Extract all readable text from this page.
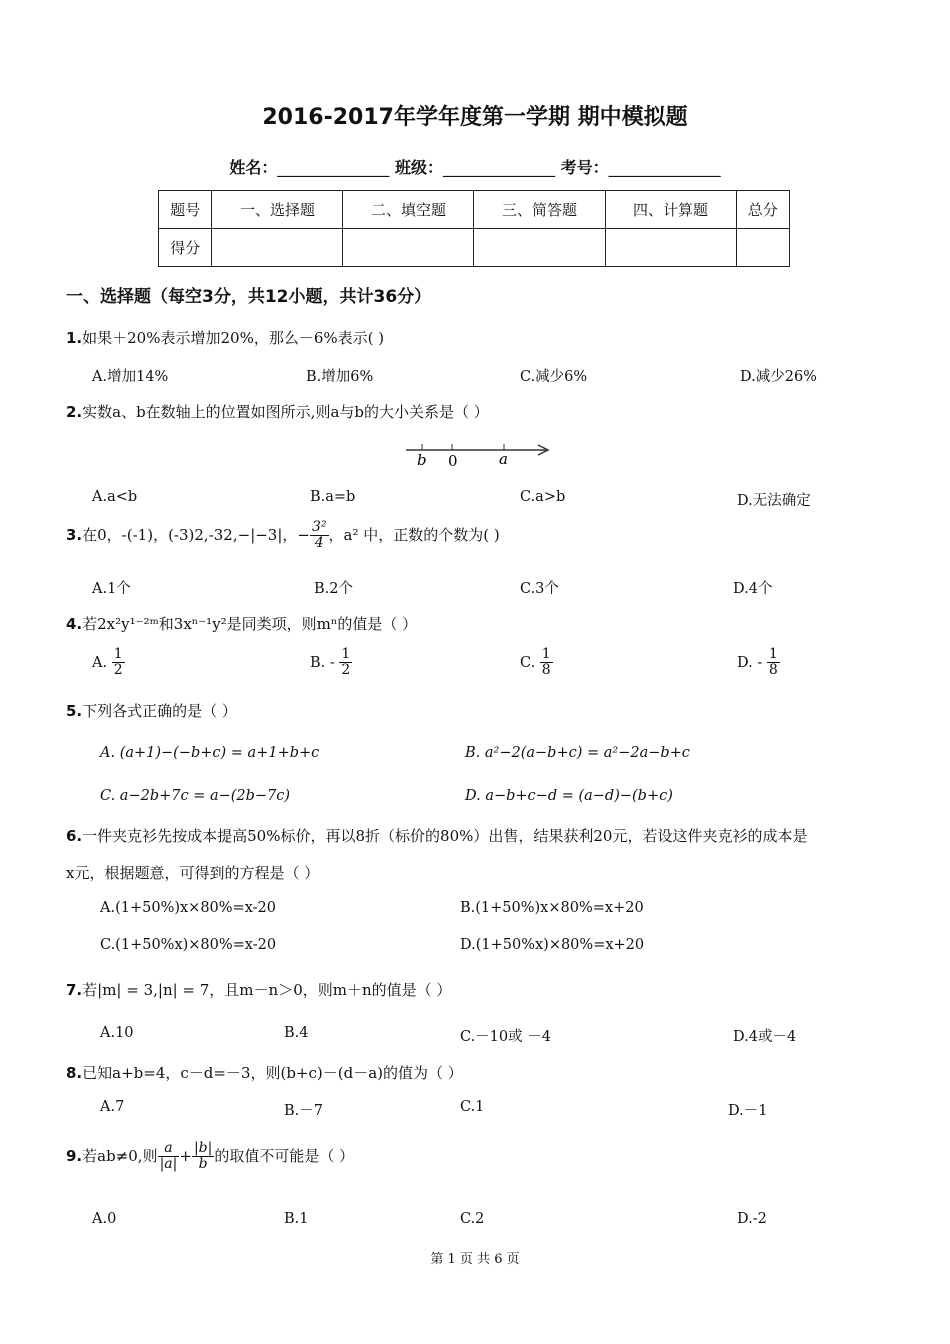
2016-2017年学年度第一学期 期中模拟题
姓名：______________ 班级：______________ 考号：______________
题号	一、选择题	二、填空题	三、简答题	四、计算题	总分
得分					
一、选择题（每空3分，共12小题，共计36分）
1.如果＋20%表示增加20%，那么－6%表示( )
A.增加14%	B.增加6%	C.减少6%	D.减少26%
2.实数a、b在数轴上的位置如图所示,则a与b的大小关系是（ ）
b 0	a
A.a<b	B.a=b	C.a>b	D.无法确定
3.在0，-(-1)，(-3)2,-32,−|−3|，− $\frac{\text{3²}}{4}$ ，a² 中，正数的个数为( )
A.1个	B.2个	C.3个	D.4个
4.若2x²y¹⁻²ᵐ和3xⁿ⁻¹y²是同类项，则mⁿ的值是（ ）
A. $\frac{1}{2}$	B. - $\frac{1}{2}$	C. $\frac{1}{8}$	D. - $\frac{1}{8}$
5.下列各式正确的是（ ）
A. (a+1)−(−b+c) = a+1+b+c	B. a²−2(a−b+c) = a²−2a−b+c
C. a−2b+7c = a−(2b−7c)	D. a−b+c−d = (a−d)−(b+c)
6.一件夹克衫先按成本提高50%标价，再以8折（标价的80%）出售，结果获利20元，若设这件夹克衫的成本是
x元，根据题意，可得到的方程是（ ）
A.(1+50%)x×80%=x-20	B.(1+50%)x×80%=x+20
C.(1+50%x)×80%=x-20	D.(1+50%x)×80%=x+20
7.若|m| = 3,|n| = 7，且m－n＞0，则m＋n的值是（ ）
A.10	B.4	C.－10或 －4	D.4或－4
8.已知a+b=4，c－d=－3，则(b+c)－(d－a)的值为（ ）
A.7	B.－7	C.1	D.－1
9.若ab≠0,则 $\frac{a}{|a|} + \frac{|b|}{b}$ 的取值不可能是（ ）
A.0	B.1	C.2	D.-2
第 1 页 共 6 页
